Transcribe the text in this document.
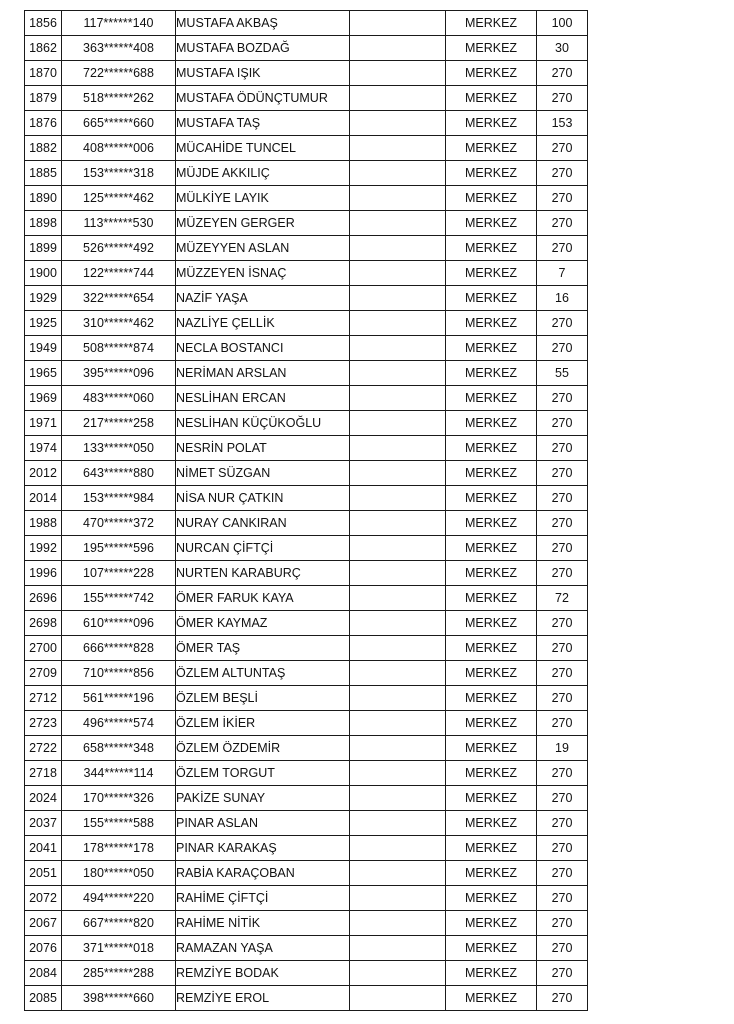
1856	117******140	MUSTAFA AKBAŞ		MERKEZ	100
1862	363******408	MUSTAFA BOZDAĞ		MERKEZ	30
1870	722******688	MUSTAFA IŞIK		MERKEZ	270
1879	518******262	MUSTAFA ÖDÜNÇTUMUR		MERKEZ	270
1876	665******660	MUSTAFA TAŞ		MERKEZ	153
1882	408******006	MÜCAHİDE TUNCEL		MERKEZ	270
1885	153******318	MÜJDE AKKILIÇ		MERKEZ	270
1890	125******462	MÜLKİYE LAYIK		MERKEZ	270
1898	113******530	MÜZEYEN GERGER		MERKEZ	270
1899	526******492	MÜZEYYEN ASLAN		MERKEZ	270
1900	122******744	MÜZZEYEN İSNAÇ		MERKEZ	7
1929	322******654	NAZİF YAŞA		MERKEZ	16
1925	310******462	NAZLİYE ÇELLİK		MERKEZ	270
1949	508******874	NECLA BOSTANCI		MERKEZ	270
1965	395******096	NERİMAN ARSLAN		MERKEZ	55
1969	483******060	NESLİHAN ERCAN		MERKEZ	270
1971	217******258	NESLİHAN KÜÇÜKOĞLU		MERKEZ	270
1974	133******050	NESRİN POLAT		MERKEZ	270
2012	643******880	NİMET SÜZGAN		MERKEZ	270
2014	153******984	NİSA NUR ÇATKIN		MERKEZ	270
1988	470******372	NURAY CANKIRAN		MERKEZ	270
1992	195******596	NURCAN ÇİFTÇİ		MERKEZ	270
1996	107******228	NURTEN KARABURÇ		MERKEZ	270
2696	155******742	ÖMER FARUK KAYA		MERKEZ	72
2698	610******096	ÖMER KAYMAZ		MERKEZ	270
2700	666******828	ÖMER TAŞ		MERKEZ	270
2709	710******856	ÖZLEM ALTUNTAŞ		MERKEZ	270
2712	561******196	ÖZLEM BEŞLİ		MERKEZ	270
2723	496******574	ÖZLEM İKİER		MERKEZ	270
2722	658******348	ÖZLEM ÖZDEMİR		MERKEZ	19
2718	344******114	ÖZLEM TORGUT		MERKEZ	270
2024	170******326	PAKİZE SUNAY		MERKEZ	270
2037	155******588	PINAR ASLAN		MERKEZ	270
2041	178******178	PINAR KARAKAŞ		MERKEZ	270
2051	180******050	RABİA KARAÇOBAN		MERKEZ	270
2072	494******220	RAHİME ÇİFTÇİ		MERKEZ	270
2067	667******820	RAHİME NİTİK		MERKEZ	270
2076	371******018	RAMAZAN YAŞA		MERKEZ	270
2084	285******288	REMZİYE BODAK		MERKEZ	270
2085	398******660	REMZİYE EROL		MERKEZ	270
